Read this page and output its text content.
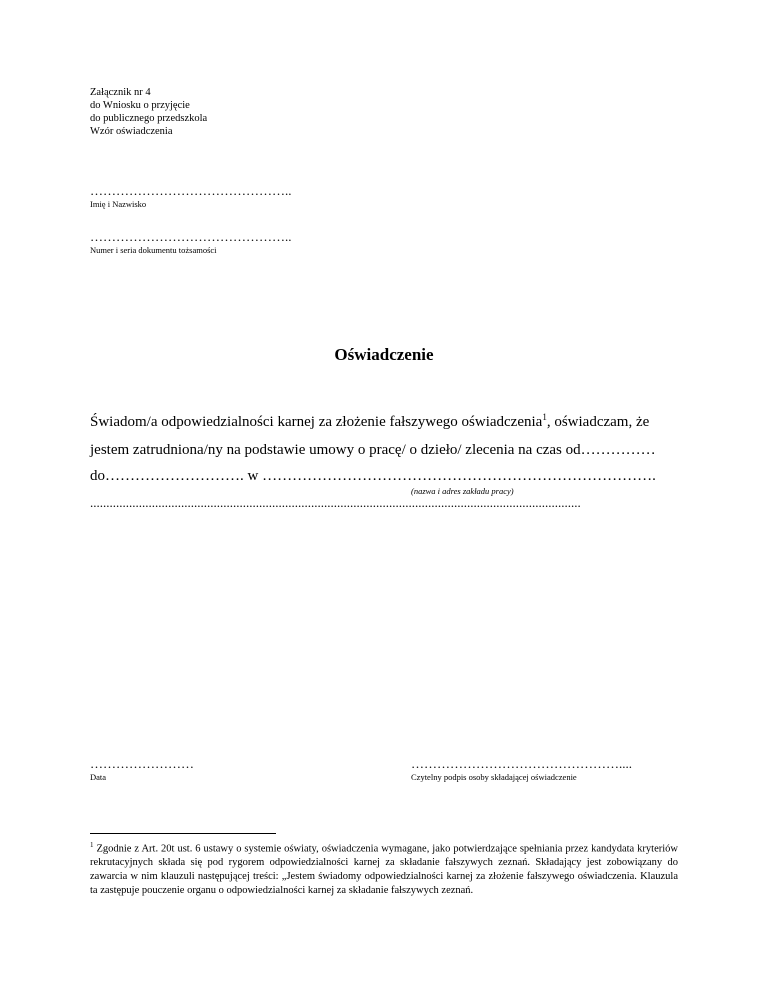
Załącznik nr 4
do Wniosku o przyjęcie
do publicznego przedszkola
Wzór oświadczenia
………………………………………..
Imię i Nazwisko
………………………………………..
Numer i seria dokumentu tożsamości
Oświadczenie
Świadom/a odpowiedzialności karnej za złożenie fałszywego oświadczenia$^1$, oświadczam, że
jestem zatrudniona/ny na podstawie umowy o pracę/ o dzieło/ zlecenia na czas od……………
do………………………. w …………………………………………………………………….
(nazwa i adres zakładu pracy)
.......................................................................................................................................................
……………………
Data
…………………………………………....
Czytelny podpis osoby składającej oświadczenie
$^1$ Zgodnie z Art. 20t ust. 6 ustawy o systemie oświaty, oświadczenia wymagane, jako potwierdzające spełniania przez kandydata kryteriów rekrutacyjnych składa się pod rygorem odpowiedzialności karnej za składanie fałszywych zeznań. Składający jest zobowiązany do zawarcia w nim klauzuli następującej treści: „Jestem świadomy odpowiedzialności karnej za złożenie fałszywego oświadczenia. Klauzula ta zastępuje pouczenie organu o odpowiedzialności karnej za składanie fałszywych zeznań.
